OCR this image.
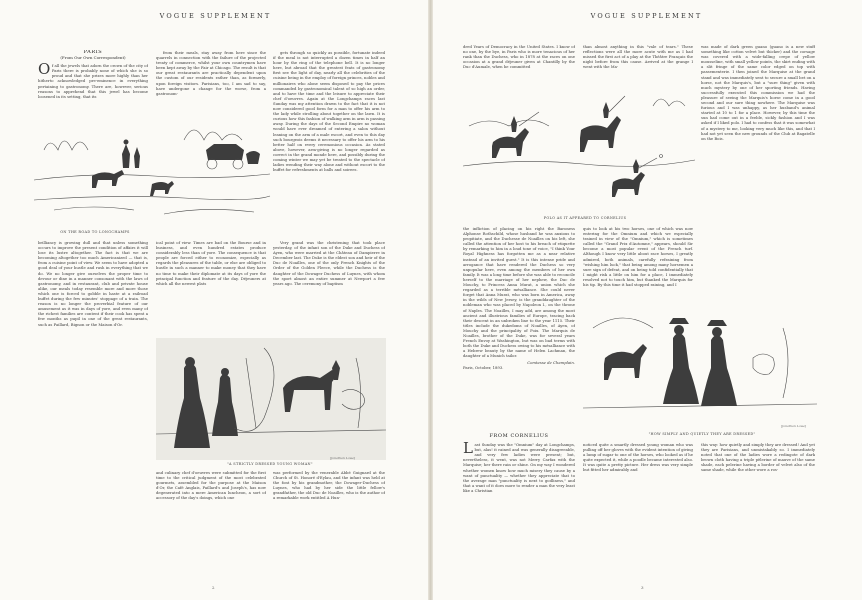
VOGUE SUPPLEMENT
PARIS
(From Our Own Correspondent)

Of all the jewels that adorn the crown of the city of Paris there is probably none of which she is so proud and that she prizes more highly than her hitherto acknowledged pre-eminence in everything pertaining to gastronomy. There are, however, serious reasons to apprehend that this jewel has become loosened in its setting, that its

from their meals, stay away from here since the quarrels in connection with the failure of the projected treaty of commerce, whilst your own countrymen have been kept away by the Fair at Chicago. The result is that our great restaurants are practically dependent upon the custom of our residents rather than, as formerly, upon foreign visitors. Parisians, too, I am sad to say, have undergone a change for the worse, from a gastronom-

gets through so quickly as possible, fortunate indeed if the meal is not interrupted a dozen times in half an hour by the ring of the telephone bell. It is no longer here, but abroad that the greatest feats of gastronomy first see the light of day, nearly all the celebrities of the cuisine being in the employ of foreign princes, nobles and millionaires who alone seem disposed to pay the prices commanded by gastronomical talent of so high an order, and to have the time and the leisure to appreciate their chef d'oeuvres. Again at the Longchamps races last Sunday was my attention drawn to the fact that it is not now considered good form for a man to offer his arm to the lady while strolling about together on the lawn. It is curious how this fashion of walking arm in arm is passing away. During the days of the Second Empire no woman would have ever dreamed of entering a salon without leaning on the arm of a male escort, and even to this day such bourgeois deems it necessary to offer his arm to his better half on every ceremonious occasion. As stated above, however, arm-giving is no longer regarded as correct in the grand monde here, and possibly during the coming winter we may yet be treated to the spectacle of ladies wending their way alone and without escort to the buffet for refreshments at balls and soirees.

ON THE ROAD TO LONGCHAMPS

brilliancy is growing dull and that unless something occurs to improve the present condition of affairs it will lose its lustre altogether. The fact is that we are becoming altogether too much Americanized — that is, from a cuisine point of view. We seem to have adopted a good deal of your hustle and rush in everything that we do. We no longer give ourselves the proper time to devour or dine in a manner consonant with the laws of gastronomy, and in restaurant, club and private house alike, our meals today resemble more and more those which one is forced to gobble in haste at a railroad buffet during the few minutes' stoppage of a train. The reason is no longer the proverbial feature of our amusement as it was in days of yore, and even many of the richest families are content if their cook has spent a few months as pupil in one of the great restaurants, such as Paillard, Bignon or the Maison d'Or.

ical point of view. Times are bad on the Bourse and in business, and even hundred estates produce considerably less than of yore. The consequence is that people are forced either to economize, especially as regards the pleasures of the table, or else are obliged to hustle in such a manner to make money that they have no time to make their diplomate at its days of yore the principal function and feature of the day. Déjeuners at which all the newest plats

Very grand was the christening that took place yesterday, of the infant son of the Duke and Duchess of Ayen, who were married at the Château of Dampierre in December last. The Duke is the eldest son and heir of the Duc de Noailles, one of the only French Knights of the Order of the Golden Fleece, while the Duchess is the daughter of the Dowager Duchess of Luynes, with whom the sport almost an entire summer at Newport a few years ago. The ceremony of baptism

"A STRICTLY DRESSED YOUNG WOMAN"
[Jonathan Lowe]

and culinary chef d'oeuvres were submitted for the first time to the critical judgment of the most celebrated gourmets, assembled for the purpose at the Maison d'Or, the Café Anglais, Paillard's and Joseph's, has now degenerated into a mere American luncheon, a sort of accessory of the day's doings, which one

was performed by the venerable Abbé Guignard at the Church of St. Honoré d'Eylau, and the infant was held at the font by his grandmother, the Dowager-Duchess of Luynes, who had by her side the little fellow's grandfather, the old Duc de Noailles, who is the author of a remarkable work entitled A Hun-

2
VOGUE SUPPLEMENT

dred Years of Democracy in the United States. I know of no one, by the bye, in Paris who is more tenacious of her rank than the Duchess, who in 1878 at the races on one occasion at a grand déjeuner given at Chantilly by the Duc d'Aumale, when he committed

than almost anything in this "vale of tears." These reflections were all the more acute with me as I had missed the first act of a play at the Théâtre Français the night before from this cause. Arrived at the grange I went with the Ma-

was made of dark green guano (guano is a new stuff something like cotton velvet but thicker) and the corsage was covered with a wide-falling crepe of yellow mousseline, with small yellow points, the skirt ending with a slit fringe of the same color edged on top with passementerie. I then joined the Marquise at the grand stand and was immediately sent to secure a small bet on a horse, not the Marquis's, but a "sure thing" given with much mystery by one of her sporting friends. Having successfully executed this commission we had the pleasure of seeing the Marquis's horse come in a good second and our sure thing nowhere. The Marquise was furious and I was unhappy, as her husband's animal started at 10 to 1 for a place. However, by this time the sun had come out in a feeble, sickly fashion and I was asked if I liked polo. I had to confess that it was somewhat of a mystery to me, looking very much like this, and that I had not yet seen the new grounds of the Club at Bagatelle on the Bois.

POLO AS IT APPEARED TO CORNELIUS

the infliction of placing on his right the Baroness Alphonse Rothschild, whose husband he was anxious to propitiate, and the Duchesse de Noailles on his left, she called the attention of her host to his breach of etiquette by remarking to him in a loud tone of voice, "I think Your Royal Highness has forgotten me as a near relative instead of an invited guest." It is this intense pride and arrogance that have rendered the Duchess so very unpopular here, even among the members of her own family. It was a long time before she was able to reconcile herself to the marriage of her nephew, the Duc de Mouchy, to Princess Anna Murat, a union which she regarded as a terrible mésalliance. She could never forget that Anna Murat, who was born in America, away in the wilds of New Jersey, is the granddaughter of the nobleman who was placed by Napoleon I., on the throne of Naples. The Noailles, I may add, are among the most ancient and illustrious families of Europe, tracing back their descent in an unbroken line to the year 1115. Their titles include the dukedoms of Noailles, of Ayen, of Mouchy and the principality of Poix. The Marquis de Noailles, brother of the Duke, was for several years French Envoy at Washington, but was on bad terms with both the Duke and Duchess owing to his mésalliance with a Hebrew beauty by the name of Helen Lachman, the daughter of a Munich tailor.

Comtesse de Champlain.
Paris, October, 1893.

quis to look at his two horses, one of which was now entering for the Omnium and which we especially trained in view of the "Omnium," which is sometimes called the "Grand Prix d'Automne," appears, should Sir become a most popular event of the French turf. Although I know very little about race horses, I greatly admired, both animals, carefully refraining from "wishing him luck," that being among many horsemen a sure sign of defeat, and on being told confidentially that I might risk a little on him for a place, I immediately resolved not to touch him, but thanked the Marquis for his tip. By this time it had stopped raining, and I

"HOW SIMPLY AND QUIETLY THEY ARE DRESSED"
[Jonathan Lowe]
FROM CORNELIUS

Last Sunday was the "Omnium" day at Longchamps, but, alas! it rained and was generally disagreeable, and very few ladies were present; but, nevertheless, it went, was not Merry Carfax with the Marquise; her there rain or shine. On my way I wondered whether women know how much misery they cause by a want of punctuality — whether they appreciate that to the average man "punctuality is next to godliness," and that a want of it does more to render a man the very least like a Christian

noticed quite a smartly dressed young woman who was pulling off her gloves with the evident intention of giving a lump of sugar to one of the horses, who looked as if he quite expected it, while a poodle became interested also. It was quite a pretty picture. Her dress was very simple but fitted her admirably and

this way: how quietly and simply they are dressed! And yet they are Parisians, and unmistakably so. I immediately noted that one of the ladies wore a redingote of dark brown cloth having a triple pèlerine of mauve of the same shade, each pelerine having a border of velvet also of the same shade, while the other wore a ros-

3
